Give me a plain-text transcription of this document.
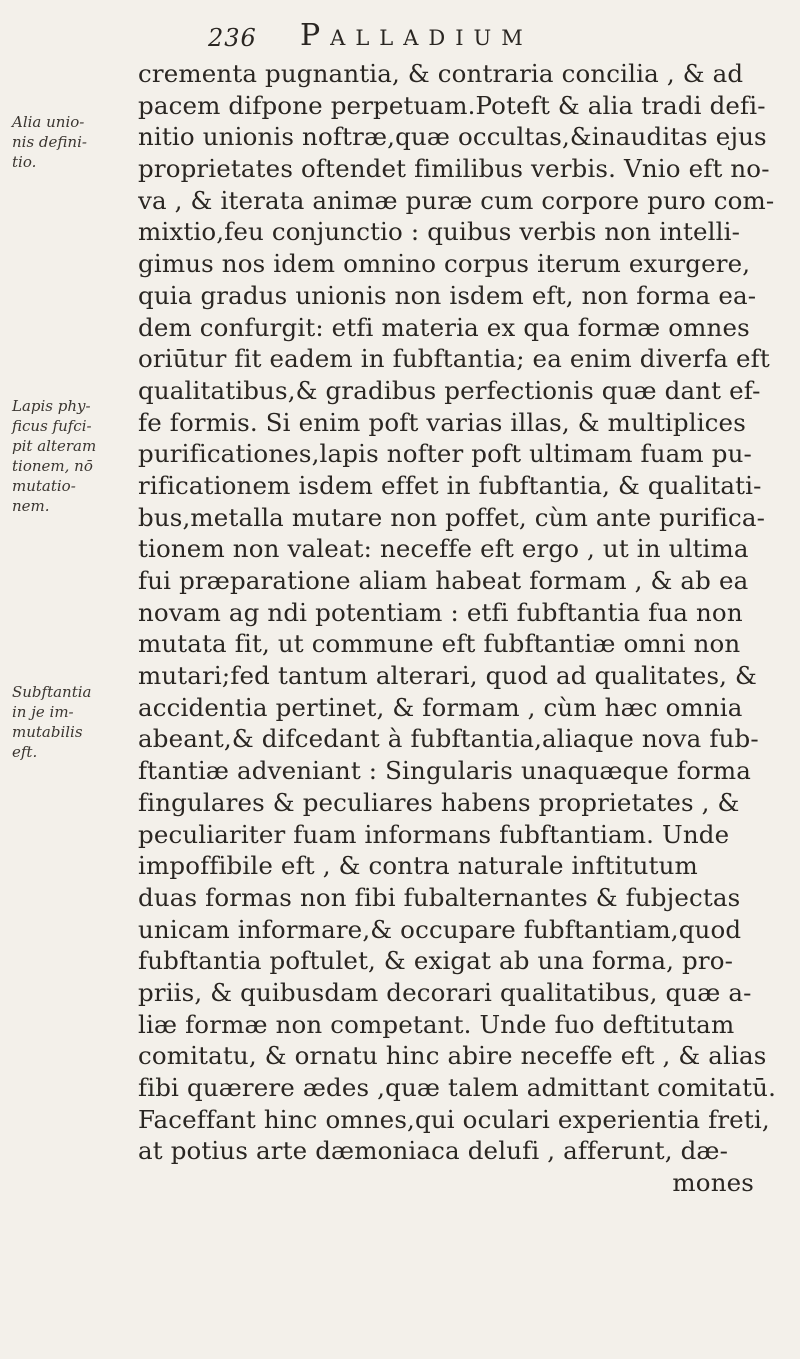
236 Palladium
crementa pugnantia, & contraria concilia , & ad
pacem difpone perpetuam.Poteft & alia tradi defi-
nitio unionis noftræ,quæ occultas,&inauditas ejus
proprietates oftendet fimilibus verbis. Vnio eft no-
va , & iterata animæ puræ cum corpore puro com-
mixtio,feu conjunctio : quibus verbis non intelli-
gimus nos idem omnino corpus iterum exurgere,
quia gradus unionis non isdem eft, non forma ea-
dem confurgit: etfi materia ex qua formæ omnes
oriūtur fit eadem in fubftantia; ea enim diverfa eft
qualitatibus,& gradibus perfectionis quæ dant ef-
fe formis. Si enim poft varias illas, & multiplices
purificationes,lapis nofter poft ultimam fuam pu-
rificationem isdem effet in fubftantia, & qualitati-
bus,metalla mutare non poffet, cùm ante purifica-
tionem non valeat: neceffe eft ergo , ut in ultima
fui præparatione aliam habeat formam , & ab ea
novam ag ndi potentiam : etfi fubftantia fua non
mutata fit, ut commune eft fubftantiæ omni non
mutari;fed tantum alterari, quod ad qualitates, &
accidentia pertinet, & formam , cùm hæc omnia
abeant,& difcedant à fubftantia,aliaque nova fub-
ftantiæ adveniant : Singularis unaquæque forma
fingulares & peculiares habens proprietates , &
peculiariter fuam informans fubftantiam. Unde
impoffibile eft , & contra naturale inftitutum
duas formas non fibi fubalternantes & fubjectas
unicam informare,& occupare fubftantiam,quod
fubftantia poftulet, & exigat ab una forma, pro-
priis, & quibusdam decorari qualitatibus, quæ a-
liæ formæ non competant. Unde fuo deftitutam
comitatu, & ornatu hinc abire neceffe eft , & alias
fibi quærere ædes ,quæ talem admittant comitatū.
Faceffant hinc omnes,qui oculari experientia freti,
at potius arte dæmoniaca delufi , afferunt, dæ-
mones
Alia unio-
nis defini-
tio.
Lapis phy-
ficus fufci-
pit alteram
tionem, nō
mutatio-
nem.
Subftantia
in je im-
mutabilis
eft.
